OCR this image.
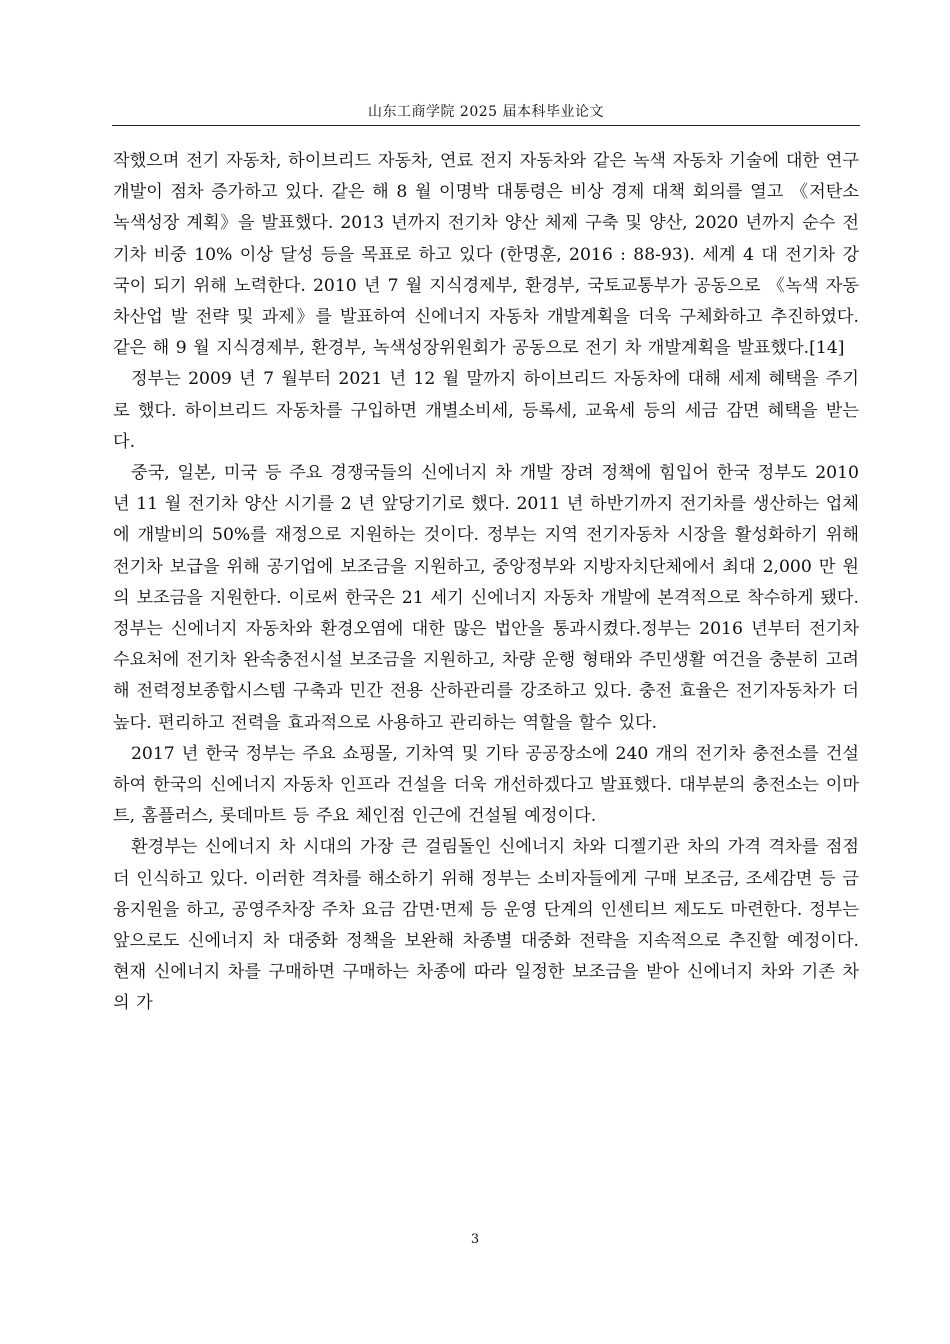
山东工商学院 2025 届本科毕业论文

작했으며 전기 자동차, 하이브리드 자동차, 연료 전지 자동차와 같은 녹색 자동차 기술에 대한 연구 개발이 점차 증가하고 있다. 같은 해 8 월 이명박 대통령은 비상 경제 대책 회의를 열고 《저탄소 녹색성장 계획》을 발표했다. 2013 년까지 전기차 양산 체제 구축 및 양산, 2020 년까지 순수 전기차 비중 10% 이상 달성 등을 목표로 하고 있다 (한명훈, 2016 : 88-93). 세계 4 대 전기차 강국이 되기 위해 노력한다. 2010 년 7 월 지식경제부, 환경부, 국토교통부가 공동으로 《녹색 자동차산업 발 전략 및 과제》를 발표하여 신에너지 자동차 개발계획을 더욱 구체화하고 추진하였다. 같은 해 9 월 지식경제부, 환경부, 녹색성장위원회가 공동으로 전기 차 개발계획을 발표했다.[14]

정부는 2009 년 7 월부터 2021 년 12 월 말까지 하이브리드 자동차에 대해 세제 혜택을 주기로 했다. 하이브리드 자동차를 구입하면 개별소비세, 등록세, 교육세 등의 세금 감면 혜택을 받는다.

중국, 일본, 미국 등 주요 경쟁국들의 신에너지 차 개발 장려 정책에 힘입어 한국 정부도 2010 년 11 월 전기차 양산 시기를 2 년 앞당기기로 했다. 2011 년 하반기까지 전기차를 생산하는 업체에 개발비의 50%를 재정으로 지원하는 것이다. 정부는 지역 전기자동차 시장을 활성화하기 위해 전기차 보급을 위해 공기업에 보조금을 지원하고, 중앙정부와 지방자치단체에서 최대 2,000 만 원의 보조금을 지원한다. 이로써 한국은 21 세기 신에너지 자동차 개발에 본격적으로 착수하게 됐다. 정부는 신에너지 자동차와 환경오염에 대한 많은 법안을 통과시켰다.정부는 2016 년부터 전기차 수요처에 전기차 완속충전시설 보조금을 지원하고, 차량 운행 형태와 주민생활 여건을 충분히 고려해 전력정보종합시스템 구축과 민간 전용 산하관리를 강조하고 있다. 충전 효율은 전기자동차가 더 높다. 편리하고 전력을 효과적으로 사용하고 관리하는 역할을 할수 있다.

2017 년 한국 정부는 주요 쇼핑몰, 기차역 및 기타 공공장소에 240 개의 전기차 충전소를 건설하여 한국의 신에너지 자동차 인프라 건설을 더욱 개선하겠다고 발표했다. 대부분의 충전소는 이마트, 홈플러스, 롯데마트 등 주요 체인점 인근에 건설될 예정이다.

환경부는 신에너지 차 시대의 가장 큰 걸림돌인 신에너지 차와 디젤기관 차의 가격 격차를 점점 더 인식하고 있다. 이러한 격차를 해소하기 위해 정부는 소비자들에게 구매 보조금, 조세감면 등 금융지원을 하고, 공영주차장 주차 요금 감면·면제 등 운영 단계의 인센티브 제도도 마련한다. 정부는 앞으로도 신에너지 차 대중화 정책을 보완해 차종별 대중화 전략을 지속적으로 추진할 예정이다. 현재 신에너지 차를 구매하면 구매하는 차종에 따라 일정한 보조금을 받아 신에너지 차와 기존 차의 가

3
